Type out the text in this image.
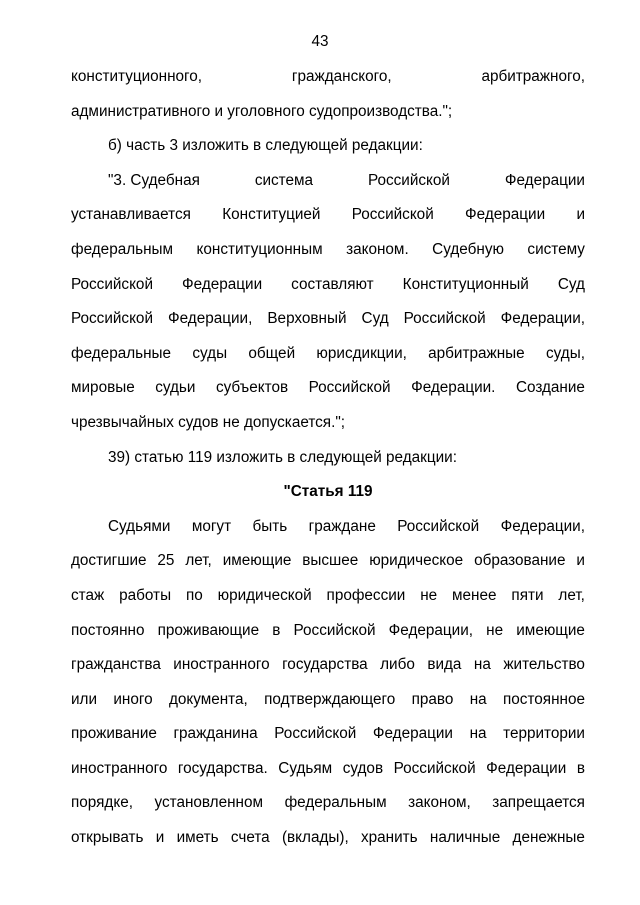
43
конституционного,	гражданского,	арбитражного,
административного и уголовного судопроизводства.";
б) часть 3 изложить в следующей редакции:
"3. Судебная	система	Российской	Федерации
устанавливается Конституцией Российской Федерации и
федеральным конституционным законом. Судебную систему
Российской Федерации составляют Конституционный Суд
Российской Федерации, Верховный Суд Российской Федерации,
федеральные суды общей юрисдикции, арбитражные суды,
мировые судьи субъектов Российской Федерации. Создание
чрезвычайных судов не допускается.";
39) статью 119 изложить в следующей редакции:
"Статья 119
Судьями могут быть граждане Российской Федерации,
достигшие 25 лет, имеющие высшее юридическое образование и
стаж работы по юридической профессии не менее пяти лет,
постоянно проживающие в Российской Федерации, не имеющие
гражданства иностранного государства либо вида на жительство
или иного документа, подтверждающего право на постоянное
проживание гражданина Российской Федерации на территории
иностранного государства. Судьям судов Российской Федерации в
порядке, установленном федеральным законом, запрещается
открывать и иметь счета (вклады), хранить наличные денежные
